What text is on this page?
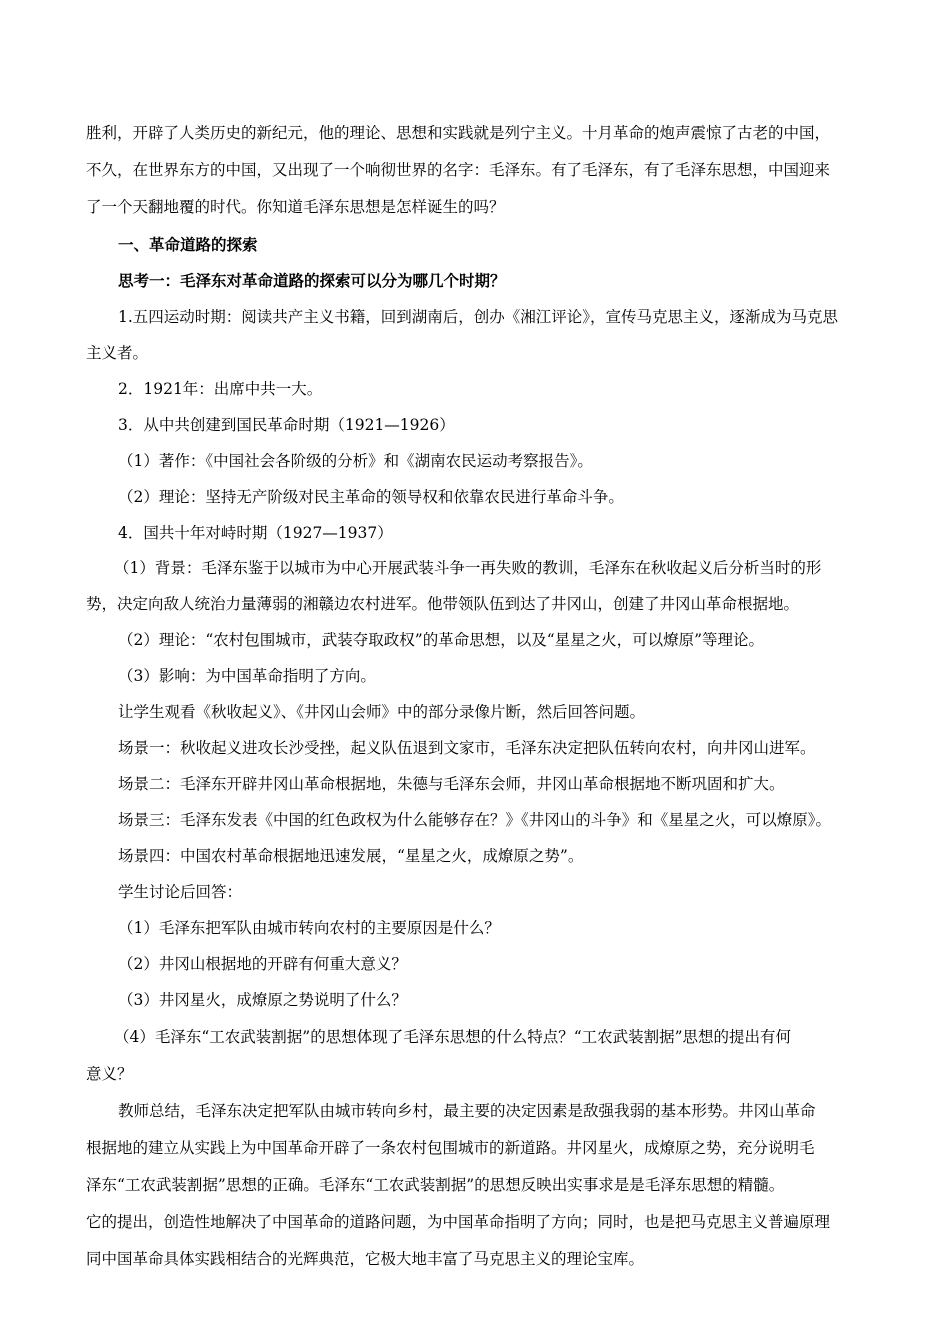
胜利，开辟了人类历史的新纪元，他的理论、思想和实践就是列宁主义。十月革命的炮声震惊了古老的中国，
不久，在世界东方的中国，又出现了一个响彻世界的名字：毛泽东。有了毛泽东，有了毛泽东思想，中国迎来
了一个天翻地覆的时代。你知道毛泽东思想是怎样诞生的吗？
一、革命道路的探索
思考一：毛泽东对革命道路的探索可以分为哪几个时期？
1.五四运动时期：阅读共产主义书籍，回到湖南后，创办《湘江评论》，宣传马克思主义，逐渐成为马克思
主义者。
2．1921年：出席中共一大。
3．从中共创建到国民革命时期（1921—1926）
（1）著作：《中国社会各阶级的分析》和《湖南农民运动考察报告》。
（2）理论：坚持无产阶级对民主革命的领导权和依靠农民进行革命斗争。
4．国共十年对峙时期（1927—1937）
（1）背景：毛泽东鉴于以城市为中心开展武装斗争一再失败的教训，毛泽东在秋收起义后分析当时的形
势，决定向敌人统治力量薄弱的湘赣边农村进军。他带领队伍到达了井冈山，创建了井冈山革命根据地。
（2）理论：“农村包围城市，武装夺取政权”的革命思想，以及“星星之火，可以燎原”等理论。
（3）影响：为中国革命指明了方向。
让学生观看《秋收起义》、《井冈山会师》中的部分录像片断，然后回答问题。
场景一：秋收起义进攻长沙受挫，起义队伍退到文家市，毛泽东决定把队伍转向农村，向井冈山进军。
场景二：毛泽东开辟井冈山革命根据地，朱德与毛泽东会师，井冈山革命根据地不断巩固和扩大。
场景三：毛泽东发表《中国的红色政权为什么能够存在？》《井冈山的斗争》和《星星之火，可以燎原》。
场景四：中国农村革命根据地迅速发展，“星星之火，成燎原之势”。
学生讨论后回答：
（1）毛泽东把军队由城市转向农村的主要原因是什么？
（2）井冈山根据地的开辟有何重大意义？
（3）井冈星火，成燎原之势说明了什么？
（4）毛泽东“工农武装割据”的思想体现了毛泽东思想的什么特点？“工农武装割据”思想的提出有何
意义？
教师总结，毛泽东决定把军队由城市转向乡村，最主要的决定因素是敌强我弱的基本形势。井冈山革命
根据地的建立从实践上为中国革命开辟了一条农村包围城市的新道路。井冈星火，成燎原之势，充分说明毛
泽东“工农武装割据”思想的正确。毛泽东“工农武装割据”的思想反映出实事求是是毛泽东思想的精髓。
它的提出，创造性地解决了中国革命的道路问题，为中国革命指明了方向；同时，也是把马克思主义普遍原理
同中国革命具体实践相结合的光辉典范，它极大地丰富了马克思主义的理论宝库。
